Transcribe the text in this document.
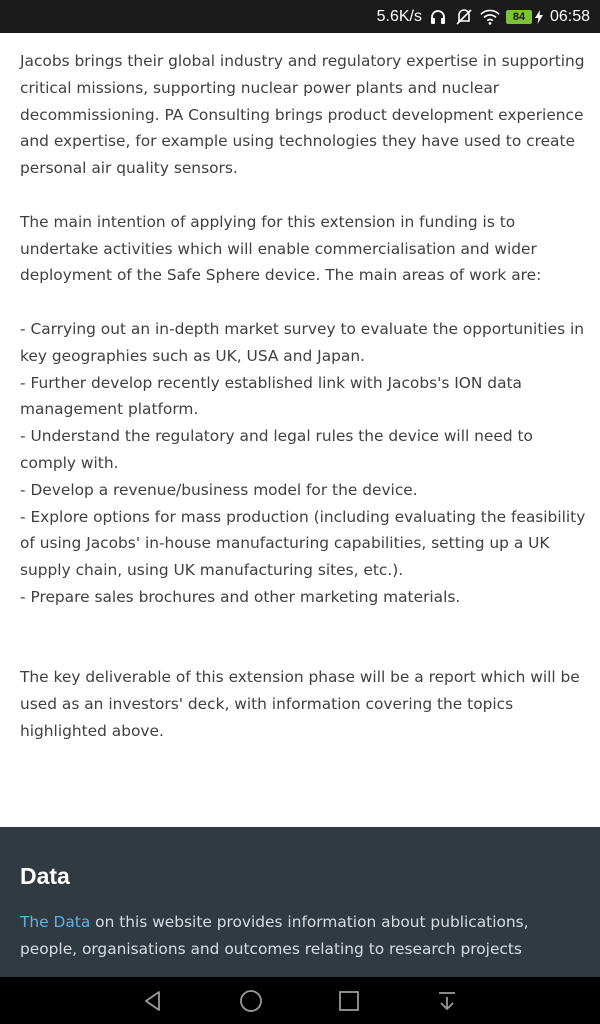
5.6K/s	84	06:58

Jacobs brings their global industry and regulatory expertise in supporting critical missions, supporting nuclear power plants and nuclear decommissioning. PA Consulting brings product development experience and expertise, for example using technologies they have used to create personal air quality sensors.

The main intention of applying for this extension in funding is to undertake activities which will enable commercialisation and wider deployment of the Safe Sphere device. The main areas of work are:

- Carrying out an in-depth market survey to evaluate the opportunities in key geographies such as UK, USA and Japan.

- Further develop recently established link with Jacobs's ION data management platform.

- Understand the regulatory and legal rules the device will need to comply with.

- Develop a revenue/business model for the device.

- Explore options for mass production (including evaluating the feasibility of using Jacobs' in-house manufacturing capabilities, setting up a UK supply chain, using UK manufacturing sites, etc.).

- Prepare sales brochures and other marketing materials.

The key deliverable of this extension phase will be a report which will be used as an investors' deck, with information covering the topics highlighted above.

Data

The Data on this website provides information about publications, people, organisations and outcomes relating to research projects
